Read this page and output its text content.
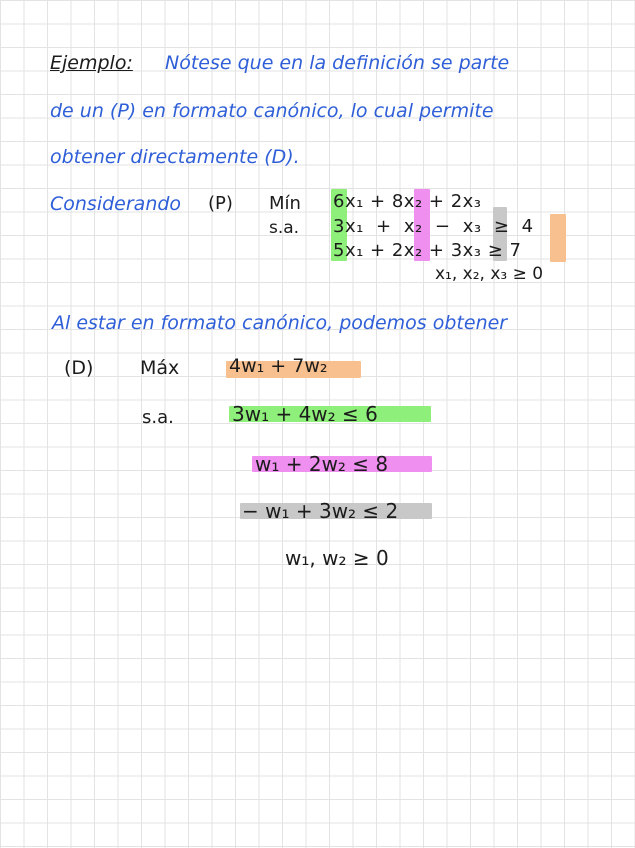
Ejemplo: Nótese que en la definición se parte
de un (P) en formato canónico, lo cual permite
obtener directamente (D).
Considerando (P) Mín
s.a.
6x₁ + 8x₂ + 2x₃
3x₁ + x₂ − x₃ ≥ 4
5x₁ + 2x₂ + 3x₃ ≥ 7
x₁, x₂, x₃ ≥ 0
Al estar en formato canónico, podemos obtener
(D) Máx	4w₁ + 7w₂
s.a.	3w₁ + 4w₂ ≤ 6
w₁ + 2w₂ ≤ 8
− w₁ + 3w₂ ≤ 2
w₁, w₂ ≥ 0
